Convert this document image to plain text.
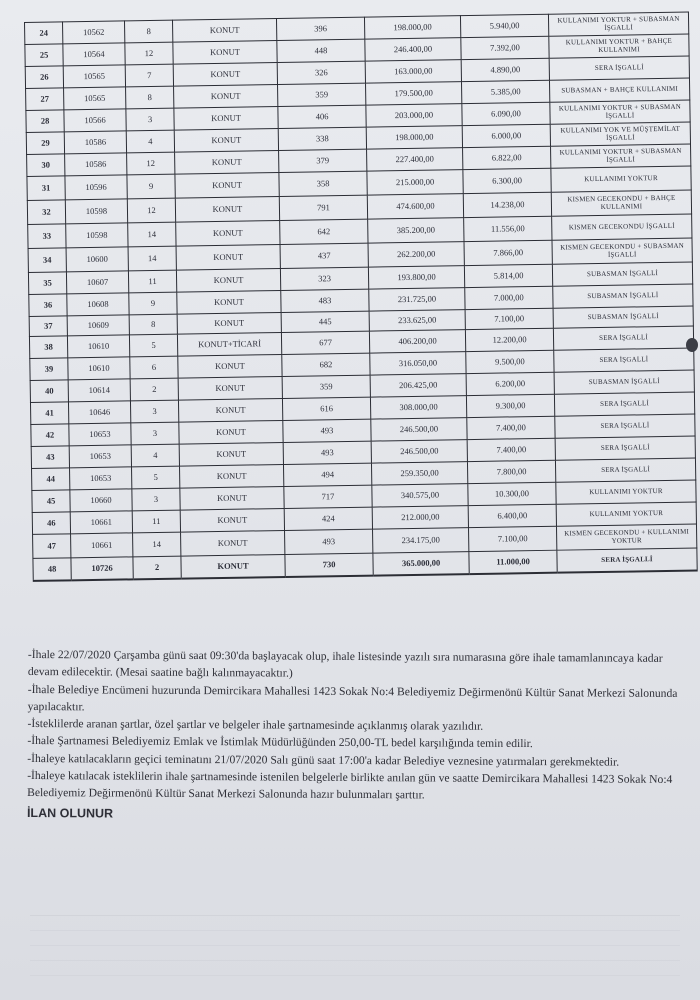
24	10562	8	KONUT	396	198.000,00	5.940,00	KULLANIMI YOKTUR + SUBASMAN İŞGALLİ
25	10564	12	KONUT	448	246.400,00	7.392,00	KULLANIMI YOKTUR + BAHÇE KULLANIMI
26	10565	7	KONUT	326	163.000,00	4.890,00	SERA İŞGALLİ
27	10565	8	KONUT	359	179.500,00	5.385,00	SUBASMAN + BAHÇE KULLANIMI
28	10566	3	KONUT	406	203.000,00	6.090,00	KULLANIMI YOKTUR + SUBASMAN İŞGALLİ
29	10586	4	KONUT	338	198.000,00	6.000,00	KULLANIMI YOK VE MÜŞTEMİLAT İŞGALLİ
30	10586	12	KONUT	379	227.400,00	6.822,00	KULLANIMI YOKTUR + SUBASMAN İŞGALLİ
31	10596	9	KONUT	358	215.000,00	6.300,00	KULLANIMI YOKTUR
32	10598	12	KONUT	791	474.600,00	14.238,00	KISMEN GECEKONDU + BAHÇE KULLANIMI
33	10598	14	KONUT	642	385.200,00	11.556,00	KISMEN GECEKONDU İŞGALLİ
34	10600	14	KONUT	437	262.200,00	7.866,00	KISMEN GECEKONDU + SUBASMAN İŞGALLİ
35	10607	11	KONUT	323	193.800,00	5.814,00	SUBASMAN İŞGALLİ
36	10608	9	KONUT	483	231.725,00	7.000,00	SUBASMAN İŞGALLİ
37	10609	8	KONUT	445	233.625,00	7.100,00	SUBASMAN İŞGALLİ
38	10610	5	KONUT+TİCARİ	677	406.200,00	12.200,00	SERA İŞGALLİ
39	10610	6	KONUT	682	316.050,00	9.500,00	SERA İŞGALLİ
40	10614	2	KONUT	359	206.425,00	6.200,00	SUBASMAN İŞGALLİ
41	10646	3	KONUT	616	308.000,00	9.300,00	SERA İŞGALLİ
42	10653	3	KONUT	493	246.500,00	7.400,00	SERA İŞGALLİ
43	10653	4	KONUT	493	246.500,00	7.400,00	SERA İŞGALLİ
44	10653	5	KONUT	494	259.350,00	7.800,00	SERA İŞGALLİ
45	10660	3	KONUT	717	340.575,00	10.300,00	KULLANIMI YOKTUR
46	10661	11	KONUT	424	212.000,00	6.400,00	KULLANIMI YOKTUR
47	10661	14	KONUT	493	234.175,00	7.100,00	KISMEN GECEKONDU + KULLANIMI YOKTUR
48	10726	2	KONUT	730	365.000,00	11.000,00	SERA İŞGALLİ

-İhale 22/07/2020 Çarşamba günü saat 09:30'da başlayacak olup, ihale listesinde yazılı sıra numarasına göre ihale tamamlanıncaya kadar devam edilecektir. (Mesai saatine bağlı kalınmayacaktır.)

-İhale Belediye Encümeni huzurunda Demircikara Mahallesi 1423 Sokak No:4 Belediyemiz Değirmenönü Kültür Sanat Merkezi Salonunda yapılacaktır.

-İsteklilerde aranan şartlar, özel şartlar ve belgeler ihale şartnamesinde açıklanmış olarak yazılıdır.

-İhale Şartnamesi Belediyemiz Emlak ve İstimlak Müdürlüğünden 250,00-TL bedel karşılığında temin edilir.

-İhaleye katılacakların geçici teminatını 21/07/2020 Salı günü saat 17:00'a kadar Belediye veznesine yatırmaları gerekmektedir.

-İhaleye katılacak isteklilerin ihale şartnamesinde istenilen belgelerle birlikte anılan gün ve saatte Demircikara Mahallesi 1423 Sokak No:4 Belediyemiz Değirmenönü Kültür Sanat Merkezi Salonunda hazır bulunmaları şarttır.

İLAN OLUNUR
